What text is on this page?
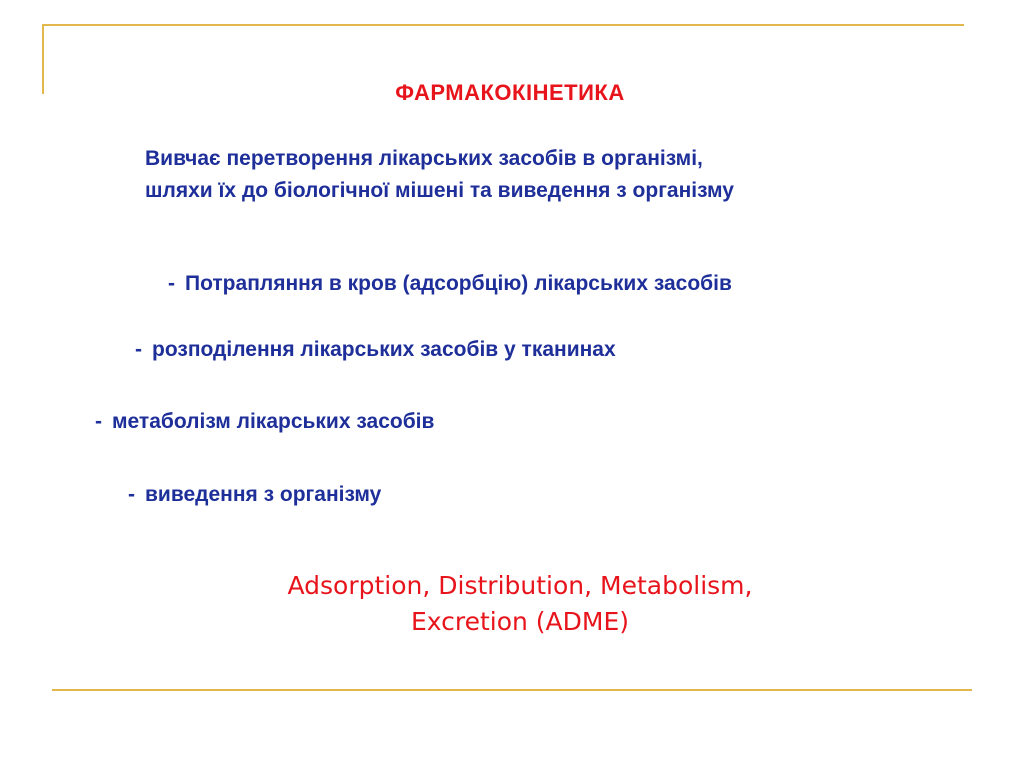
ФАРМАКОКІНЕТИКА
Вивчає перетворення лікарських засобів в організмі,
шляхи їх до біологічної мішені та виведення з організму
- Потрапляння в кров (адсорбцію) лікарських засобів
- розподілення лікарських засобів у тканинах
- метаболізм лікарських засобів
- виведення з організму
Adsorption, Distribution, Metabolism,
Excretion (ADME)
